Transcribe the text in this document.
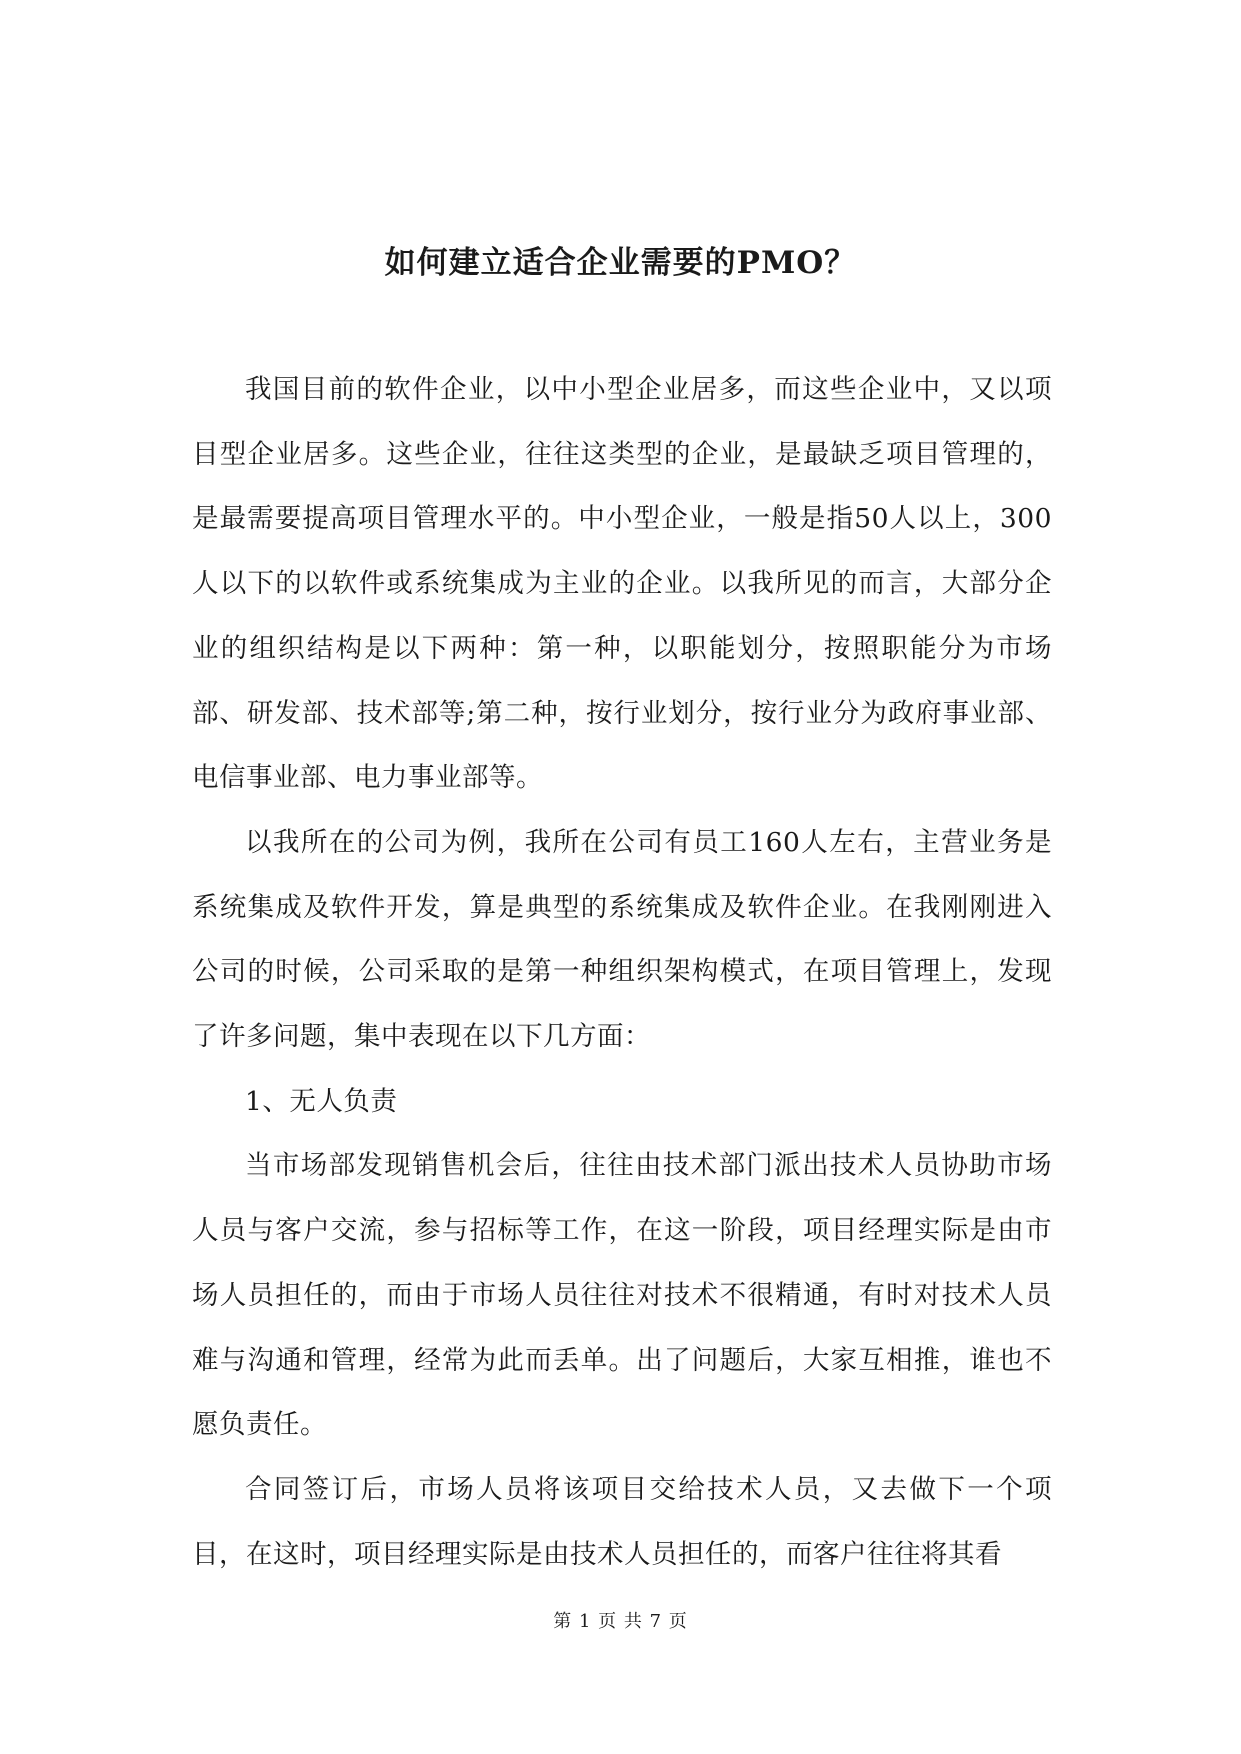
如何建立适合企业需要的PMO？

我国目前的软件企业，以中小型企业居多，而这些企业中，又以项目型企业居多。这些企业，往往这类型的企业，是最缺乏项目管理的，是最需要提高项目管理水平的。中小型企业，一般是指50人以上，300人以下的以软件或系统集成为主业的企业。以我所见的而言，大部分企业的组织结构是以下两种：第一种，以职能划分，按照职能分为市场部、研发部、技术部等;第二种，按行业划分，按行业分为政府事业部、电信事业部、电力事业部等。

以我所在的公司为例，我所在公司有员工160人左右，主营业务是系统集成及软件开发，算是典型的系统集成及软件企业。在我刚刚进入公司的时候，公司采取的是第一种组织架构模式，在项目管理上，发现了许多问题，集中表现在以下几方面：

1、无人负责

当市场部发现销售机会后，往往由技术部门派出技术人员协助市场人员与客户交流，参与招标等工作，在这一阶段，项目经理实际是由市场人员担任的，而由于市场人员往往对技术不很精通，有时对技术人员难与沟通和管理，经常为此而丢单。出了问题后，大家互相推，谁也不愿负责任。

合同签订后，市场人员将该项目交给技术人员，又去做下一个项目，在这时，项目经理实际是由技术人员担任的，而客户往往将其看

第 1 页 共 7 页
